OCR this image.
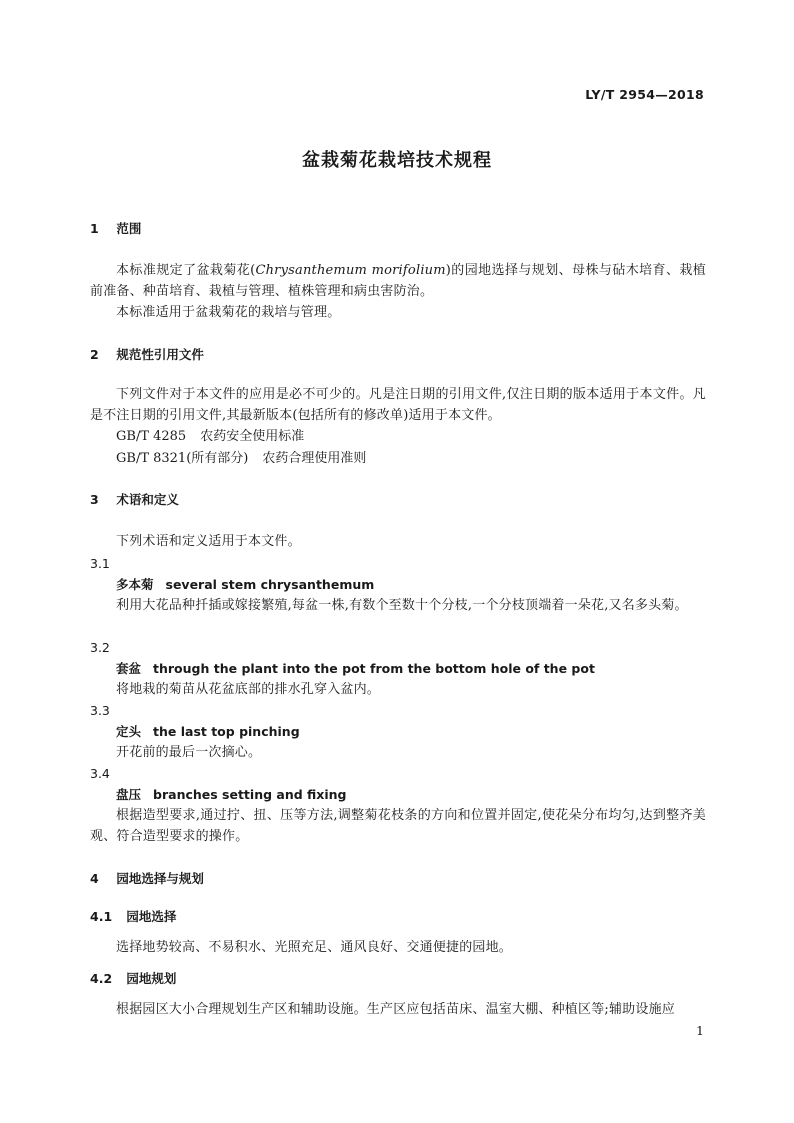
LY/T 2954—2018
盆栽菊花栽培技术规程
1 范围
本标准规定了盆栽菊花(Chrysanthemum morifolium)的园地选择与规划、母株与砧木培育、栽植前准备、种苗培育、栽植与管理、植株管理和病虫害防治。
本标准适用于盆栽菊花的栽培与管理。
2 规范性引用文件
下列文件对于本文件的应用是必不可少的。凡是注日期的引用文件,仅注日期的版本适用于本文件。凡是不注日期的引用文件,其最新版本(包括所有的修改单)适用于本文件。
GB/T 4285 农药安全使用标准
GB/T 8321(所有部分) 农药合理使用准则
3 术语和定义
下列术语和定义适用于本文件。
3.1
多本菊 several stem chrysanthemum
利用大花品种扦插或嫁接繁殖,每盆一株,有数个至数十个分枝,一个分枝顶端着一朵花,又名多头菊。
3.2
套盆 through the plant into the pot from the bottom hole of the pot
将地栽的菊苗从花盆底部的排水孔穿入盆内。
3.3
定头 the last top pinching
开花前的最后一次摘心。
3.4
盘压 branches setting and fixing
根据造型要求,通过拧、扭、压等方法,调整菊花枝条的方向和位置并固定,使花朵分布均匀,达到整齐美观、符合造型要求的操作。
4 园地选择与规划
4.1 园地选择
选择地势较高、不易积水、光照充足、通风良好、交通便捷的园地。
4.2 园地规划
根据园区大小合理规划生产区和辅助设施。生产区应包括苗床、温室大棚、种植区等;辅助设施应
1
